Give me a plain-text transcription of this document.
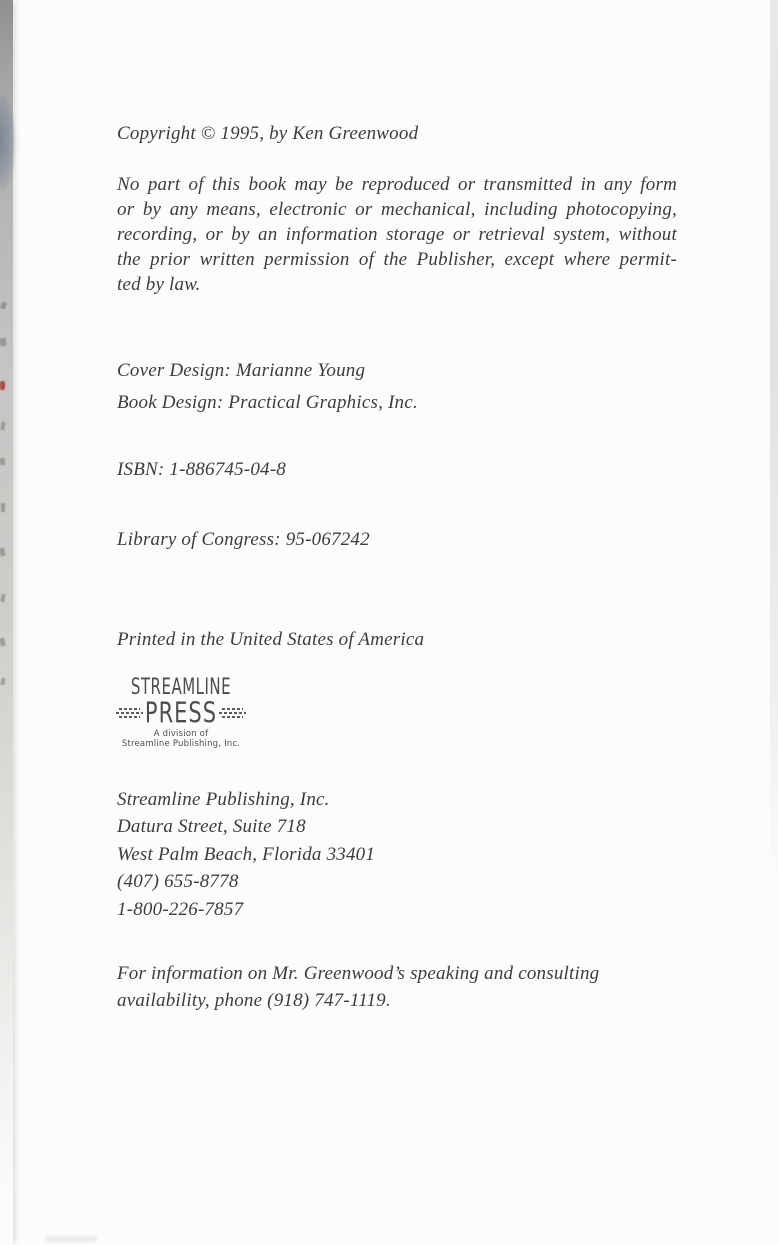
Copyright © 1995, by Ken Greenwood

No part of this book may be reproduced or transmitted in any form
or by any means, electronic or mechanical, including photocopying,
recording, or by an information storage or retrieval system, without
the prior written permission of the Publisher, except where permit-
ted by law.

Cover Design: Marianne Young

Book Design: Practical Graphics, Inc.

ISBN: 1-886745-04-8

Library of Congress: 95-067242

Printed in the United States of America

STREAMLINE
PRESS
A division of
Streamline Publishing, Inc.
Streamline Publishing, Inc.
Datura Street, Suite 718
West Palm Beach, Florida 33401
(407) 655-8778
1-800-226-7857

For information on Mr. Greenwood’s speaking and consulting availability, phone (918) 747-1119.
